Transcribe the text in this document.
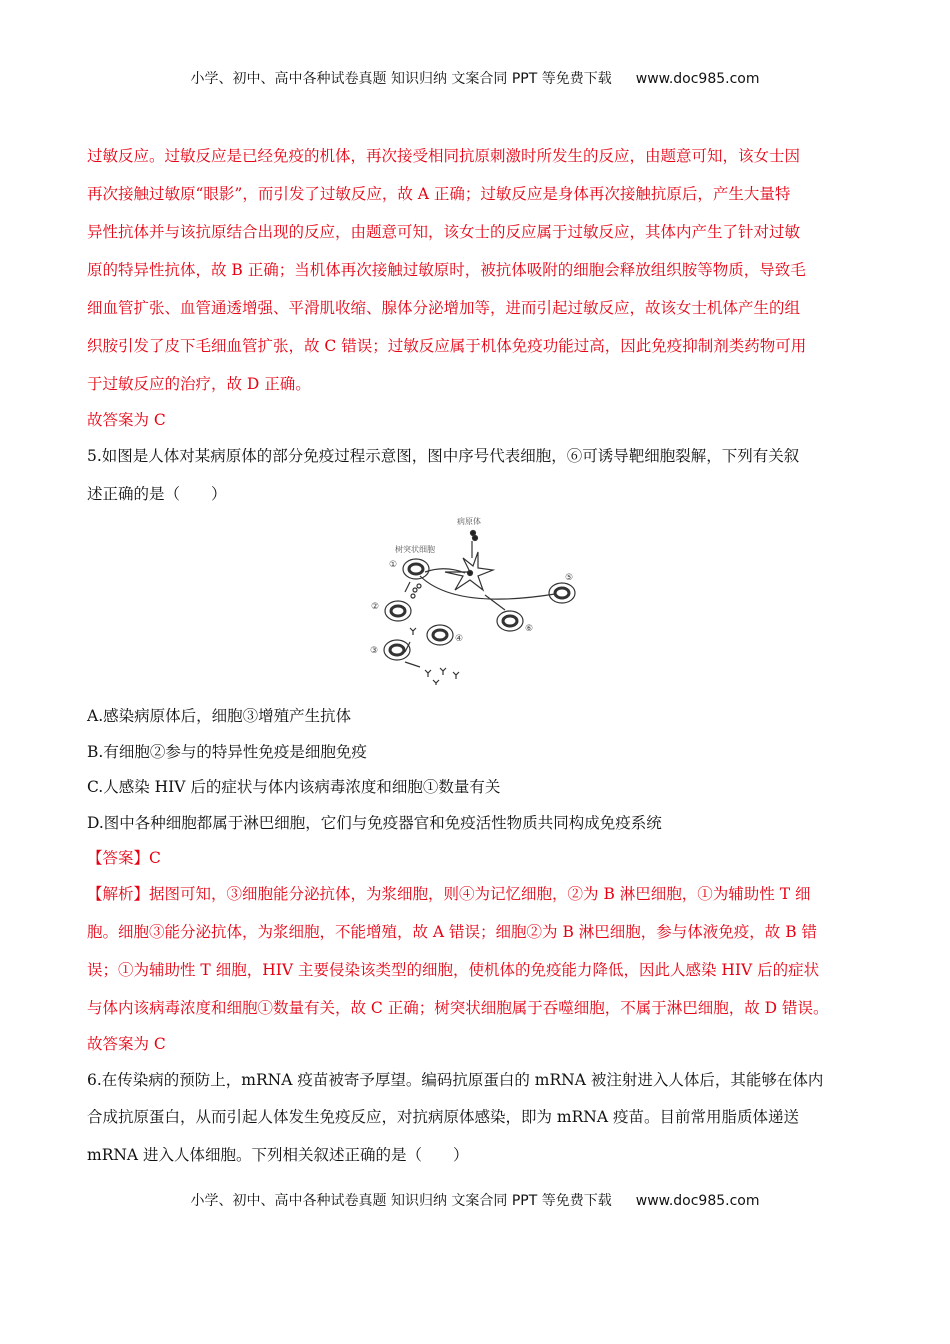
小学、初中、高中各种试卷真题 知识归纳 文案合同 PPT 等免费下载 www.doc985.com
过敏反应。过敏反应是已经免疫的机体，再次接受相同抗原刺激时所发生的反应，由题意可知，该女士因
再次接触过敏原“眼影”，而引发了过敏反应，故 A 正确；过敏反应是身体再次接触抗原后，产生大量特
异性抗体并与该抗原结合出现的反应，由题意可知，该女士的反应属于过敏反应，其体内产生了针对过敏
原的特异性抗体，故 B 正确；当机体再次接触过敏原时，被抗体吸附的细胞会释放组织胺等物质，导致毛
细血管扩张、血管通透增强、平滑肌收缩、腺体分泌增加等，进而引起过敏反应，故该女士机体产生的组
织胺引发了皮下毛细血管扩张，故 C 错误；过敏反应属于机体免疫功能过高，因此免疫抑制剂类药物可用
于过敏反应的治疗，故 D 正确。
故答案为 C
5.如图是人体对某病原体的部分免疫过程示意图，图中序号代表细胞，⑥可诱导靶细胞裂解，下列有关叙
述正确的是（　　）
病原体
树突状细胞
①
②
③
④
⑤
⑥
A.感染病原体后，细胞③增殖产生抗体
B.有细胞②参与的特异性免疫是细胞免疫
C.人感染 HIV 后的症状与体内该病毒浓度和细胞①数量有关
D.图中各种细胞都属于淋巴细胞，它们与免疫器官和免疫活性物质共同构成免疫系统
【答案】C
【解析】据图可知，③细胞能分泌抗体，为浆细胞，则④为记忆细胞，②为 B 淋巴细胞，①为辅助性 T 细
胞。细胞③能分泌抗体，为浆细胞，不能增殖，故 A 错误；细胞②为 B 淋巴细胞，参与体液免疫，故 B 错
误；①为辅助性 T 细胞，HIV 主要侵染该类型的细胞，使机体的免疫能力降低，因此人感染 HIV 后的症状
与体内该病毒浓度和细胞①数量有关，故 C 正确；树突状细胞属于吞噬细胞，不属于淋巴细胞，故 D 错误。
故答案为 C
6.在传染病的预防上，mRNA 疫苗被寄予厚望。编码抗原蛋白的 mRNA 被注射进入人体后，其能够在体内
合成抗原蛋白，从而引起人体发生免疫反应，对抗病原体感染，即为 mRNA 疫苗。目前常用脂质体递送
mRNA 进入人体细胞。下列相关叙述正确的是（　　）
小学、初中、高中各种试卷真题 知识归纳 文案合同 PPT 等免费下载 www.doc985.com
